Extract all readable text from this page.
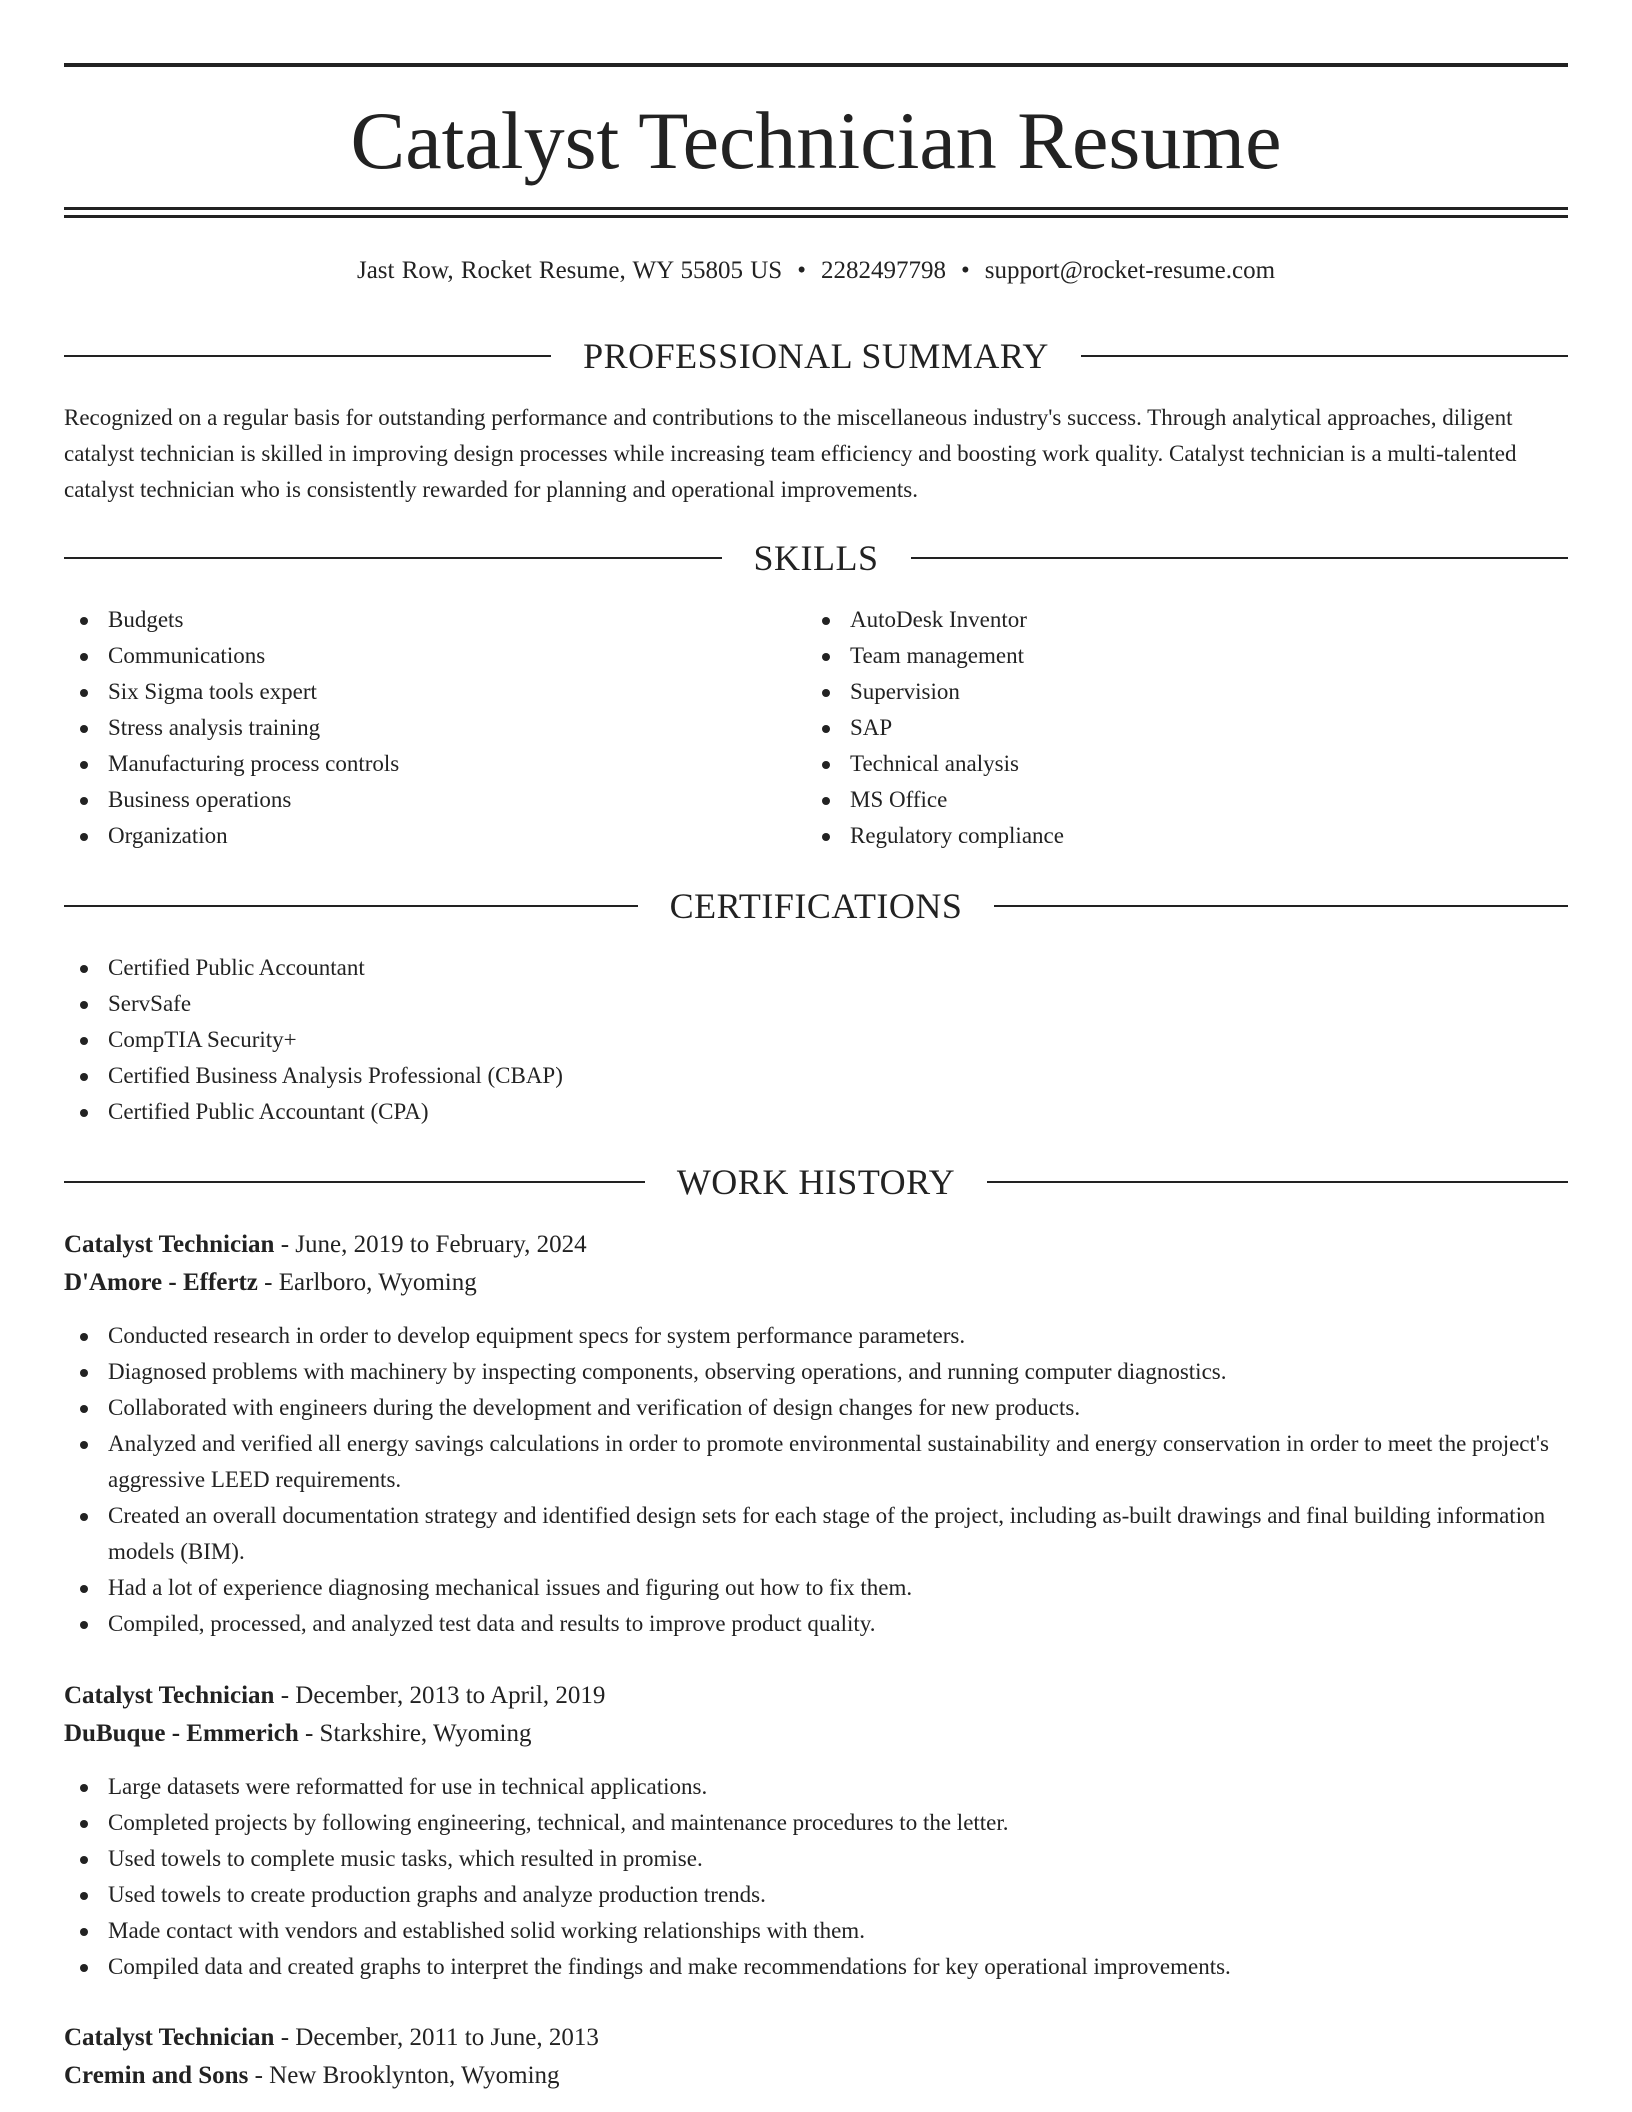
Catalyst Technician Resume
Jast Row, Rocket Resume, WY 55805 US • 2282497798 • support@rocket-resume.com
PROFESSIONAL SUMMARY

Recognized on a regular basis for outstanding performance and contributions to the miscellaneous industry's success. Through analytical approaches, diligent catalyst technician is skilled in improving design processes while increasing team efficiency and boosting work quality. Catalyst technician is a multi-talented catalyst technician who is consistently rewarded for planning and operational improvements.

SKILLS
Budgets
Communications
Six Sigma tools expert
Stress analysis training
Manufacturing process controls
Business operations
Organization
AutoDesk Inventor
Team management
Supervision
SAP
Technical analysis
MS Office
Regulatory compliance
CERTIFICATIONS
Certified Public Accountant
ServSafe
CompTIA Security+
Certified Business Analysis Professional (CBAP)
Certified Public Accountant (CPA)
WORK HISTORY

Catalyst Technician - June, 2019 to February, 2024

D'Amore - Effertz - Earlboro, Wyoming

Conducted research in order to develop equipment specs for system performance parameters.
Diagnosed problems with machinery by inspecting components, observing operations, and running computer diagnostics.
Collaborated with engineers during the development and verification of design changes for new products.
Analyzed and verified all energy savings calculations in order to promote environmental sustainability and energy conservation in order to meet the project's aggressive LEED requirements.
Created an overall documentation strategy and identified design sets for each stage of the project, including as-built drawings and final building information models (BIM).
Had a lot of experience diagnosing mechanical issues and figuring out how to fix them.
Compiled, processed, and analyzed test data and results to improve product quality.

Catalyst Technician - December, 2013 to April, 2019

DuBuque - Emmerich - Starkshire, Wyoming

Large datasets were reformatted for use in technical applications.
Completed projects by following engineering, technical, and maintenance procedures to the letter.
Used towels to complete music tasks, which resulted in promise.
Used towels to create production graphs and analyze production trends.
Made contact with vendors and established solid working relationships with them.
Compiled data and created graphs to interpret the findings and make recommendations for key operational improvements.

Catalyst Technician - December, 2011 to June, 2013

Cremin and Sons - New Brooklynton, Wyoming
